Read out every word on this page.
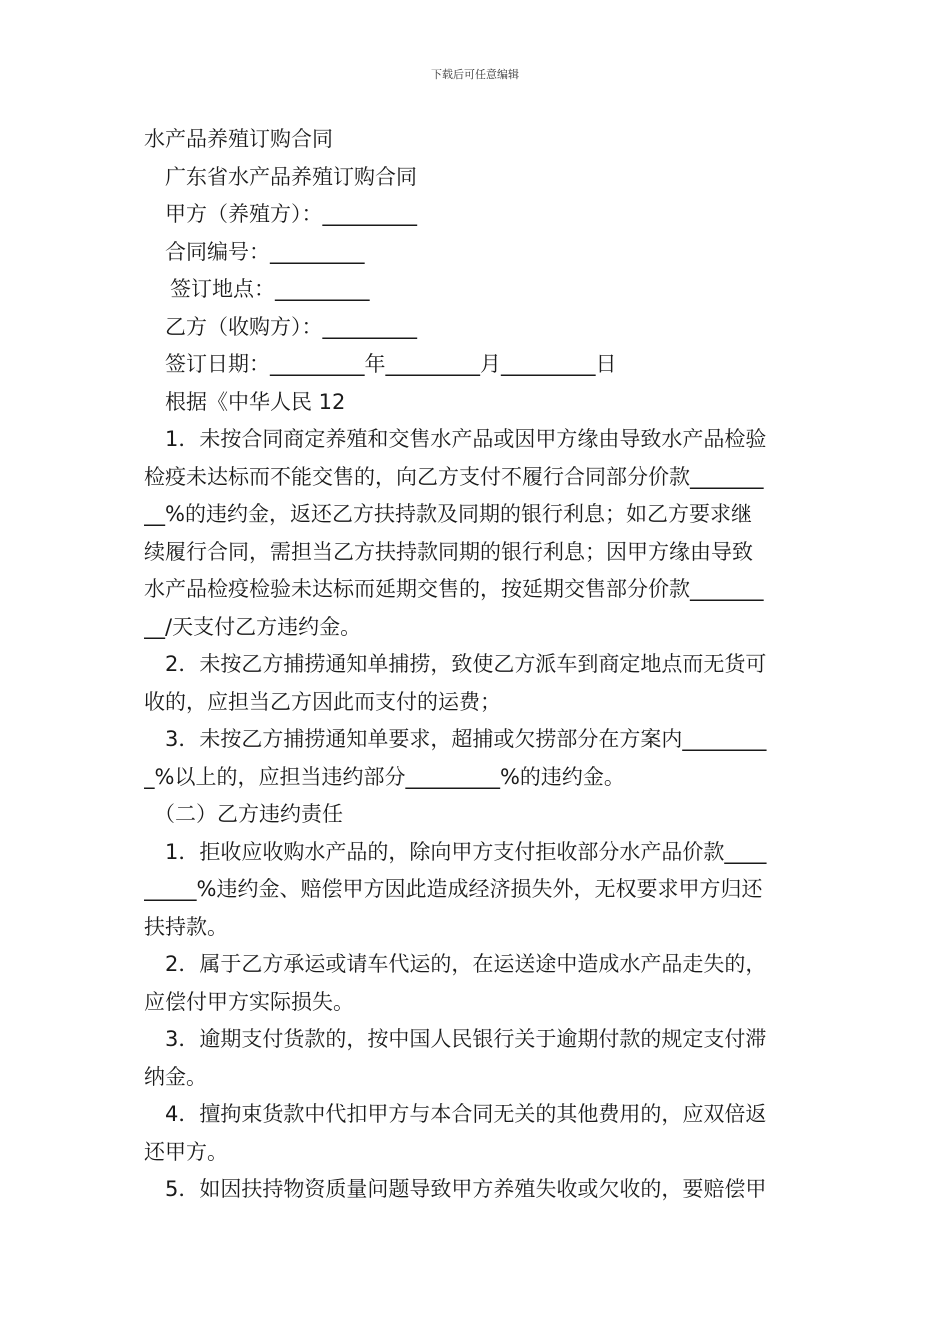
下载后可任意编辑
水产品养殖订购合同
广东省水产品养殖订购合同
甲方（养殖方）：_________
合同编号：_________
签订地点：_________
乙方（收购方）：_________
签订日期：_________年_________月_________日
根据《中华人民 12
1．未按合同商定养殖和交售水产品或因甲方缘由导致水产品检验
检疫未达标而不能交售的，向乙方支付不履行合同部分价款_______
__%的违约金，返还乙方扶持款及同期的银行利息；如乙方要求继
续履行合同，需担当乙方扶持款同期的银行利息；因甲方缘由导致
水产品检疫检验未达标而延期交售的，按延期交售部分价款_______
__/天支付乙方违约金。
2．未按乙方捕捞通知单捕捞，致使乙方派车到商定地点而无货可
收的，应担当乙方因此而支付的运费；
3．未按乙方捕捞通知单要求，超捕或欠捞部分在方案内________
_%以上的，应担当违约部分_________%的违约金。
（二）乙方违约责任
1．拒收应收购水产品的，除向甲方支付拒收部分水产品价款____
_____%违约金、赔偿甲方因此造成经济损失外，无权要求甲方归还
扶持款。
2．属于乙方承运或请车代运的，在运送途中造成水产品走失的，
应偿付甲方实际损失。
3．逾期支付货款的，按中国人民银行关于逾期付款的规定支付滞
纳金。
4．擅拘束货款中代扣甲方与本合同无关的其他费用的，应双倍返
还甲方。
5．如因扶持物资质量问题导致甲方养殖失收或欠收的，要赔偿甲
